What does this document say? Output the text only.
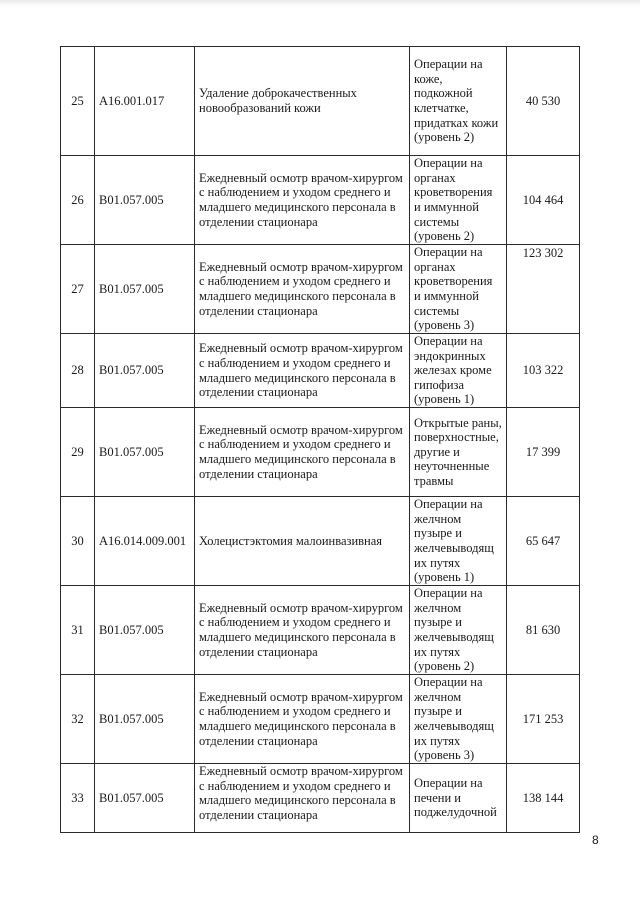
25	A16.001.017	Удаление доброкачественных новообразований кожи	Операции на коже, подкожной клетчатке, придатках кожи (уровень 2)	40 530
26	B01.057.005	Ежедневный осмотр врачом-хирургом с наблюдением и уходом среднего и младшего медицинского персонала в отделении стационара	Операции на органах кроветворения и иммунной системы (уровень 2)	104 464
27	B01.057.005	Ежедневный осмотр врачом-хирургом с наблюдением и уходом среднего и младшего медицинского персонала в отделении стационара	Операции на органах кроветворения и иммунной системы (уровень 3)	123 302
28	B01.057.005	Ежедневный осмотр врачом-хирургом с наблюдением и уходом среднего и младшего медицинского персонала в отделении стационара	Операции на эндокринных железах кроме гипофиза (уровень 1)	103 322
29	B01.057.005	Ежедневный осмотр врачом-хирургом с наблюдением и уходом среднего и младшего медицинского персонала в отделении стационара	Открытые раны, поверхностные, другие и неуточненные травмы	17 399
30	A16.014.009.001	Холецистэктомия малоинвазивная	Операции на желчном пузыре и желчевыводящ их путях (уровень 1)	65 647
31	B01.057.005	Ежедневный осмотр врачом-хирургом с наблюдением и уходом среднего и младшего медицинского персонала в отделении стационара	Операции на желчном пузыре и желчевыводящ их путях (уровень 2)	81 630
32	B01.057.005	Ежедневный осмотр врачом-хирургом с наблюдением и уходом среднего и младшего медицинского персонала в отделении стационара	Операции на желчном пузыре и желчевыводящ их путях (уровень 3)	171 253
33	B01.057.005	Ежедневный осмотр врачом-хирургом с наблюдением и уходом среднего и младшего медицинского персонала в отделении стационара	Операции на печени и поджелудочной	138 144
8
